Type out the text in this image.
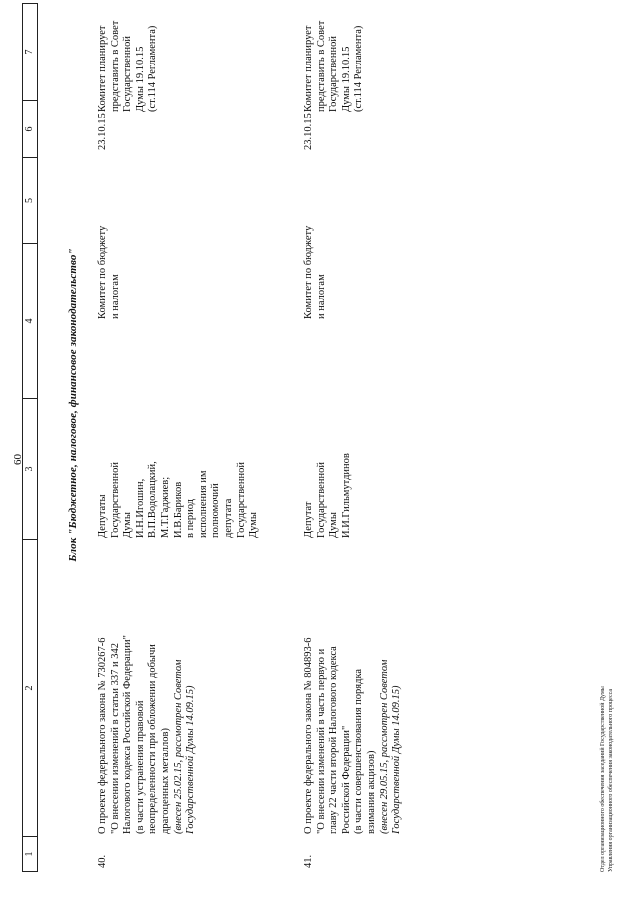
60
1
2
3
4
5
6
7
Блок "Бюджетное, налоговое, финансовое законодательство"
40.
О проекте федерального закона № 730267-6 "О внесении изменений в статьи 337 и 342 Налогового кодекса Российской Федерации" (в части устранения правовой неопределенности при обложении добычи драгоценных металлов) (внесен 25.02.15, рассмотрен Советом Государственной Думы 14.09.15)
Депутаты Государственной Думы И.Н.Игошин, В.П.Водолацкий, М.Т.Гаджиев; И.В.Бариков в период исполнения им полномочий депутата Государственной Думы
Комитет по бюджету и налогам
23.10.15
Комитет планирует представить в Совет Государственной Думы 19.10.15 (ст.114 Регламента)
41.
О проекте федерального закона № 804893-6 "О внесении изменений в часть первую и главу 22 части второй Налогового кодекса Российской Федерации" (в части совершенствования порядка взимания акцизов) (внесен 29.05.15, рассмотрен Советом Государственной Думы 14.09.15)
Депутат Государственной Думы И.И.Гильмутдинов
Комитет по бюджету и налогам
23.10.15
Комитет планирует представить в Совет Государственной Думы 19.10.15 (ст.114 Регламента)
Отдел организационного обеспечения заседаний Государственной Думы Управления организационного обеспечения законодательного процесса
